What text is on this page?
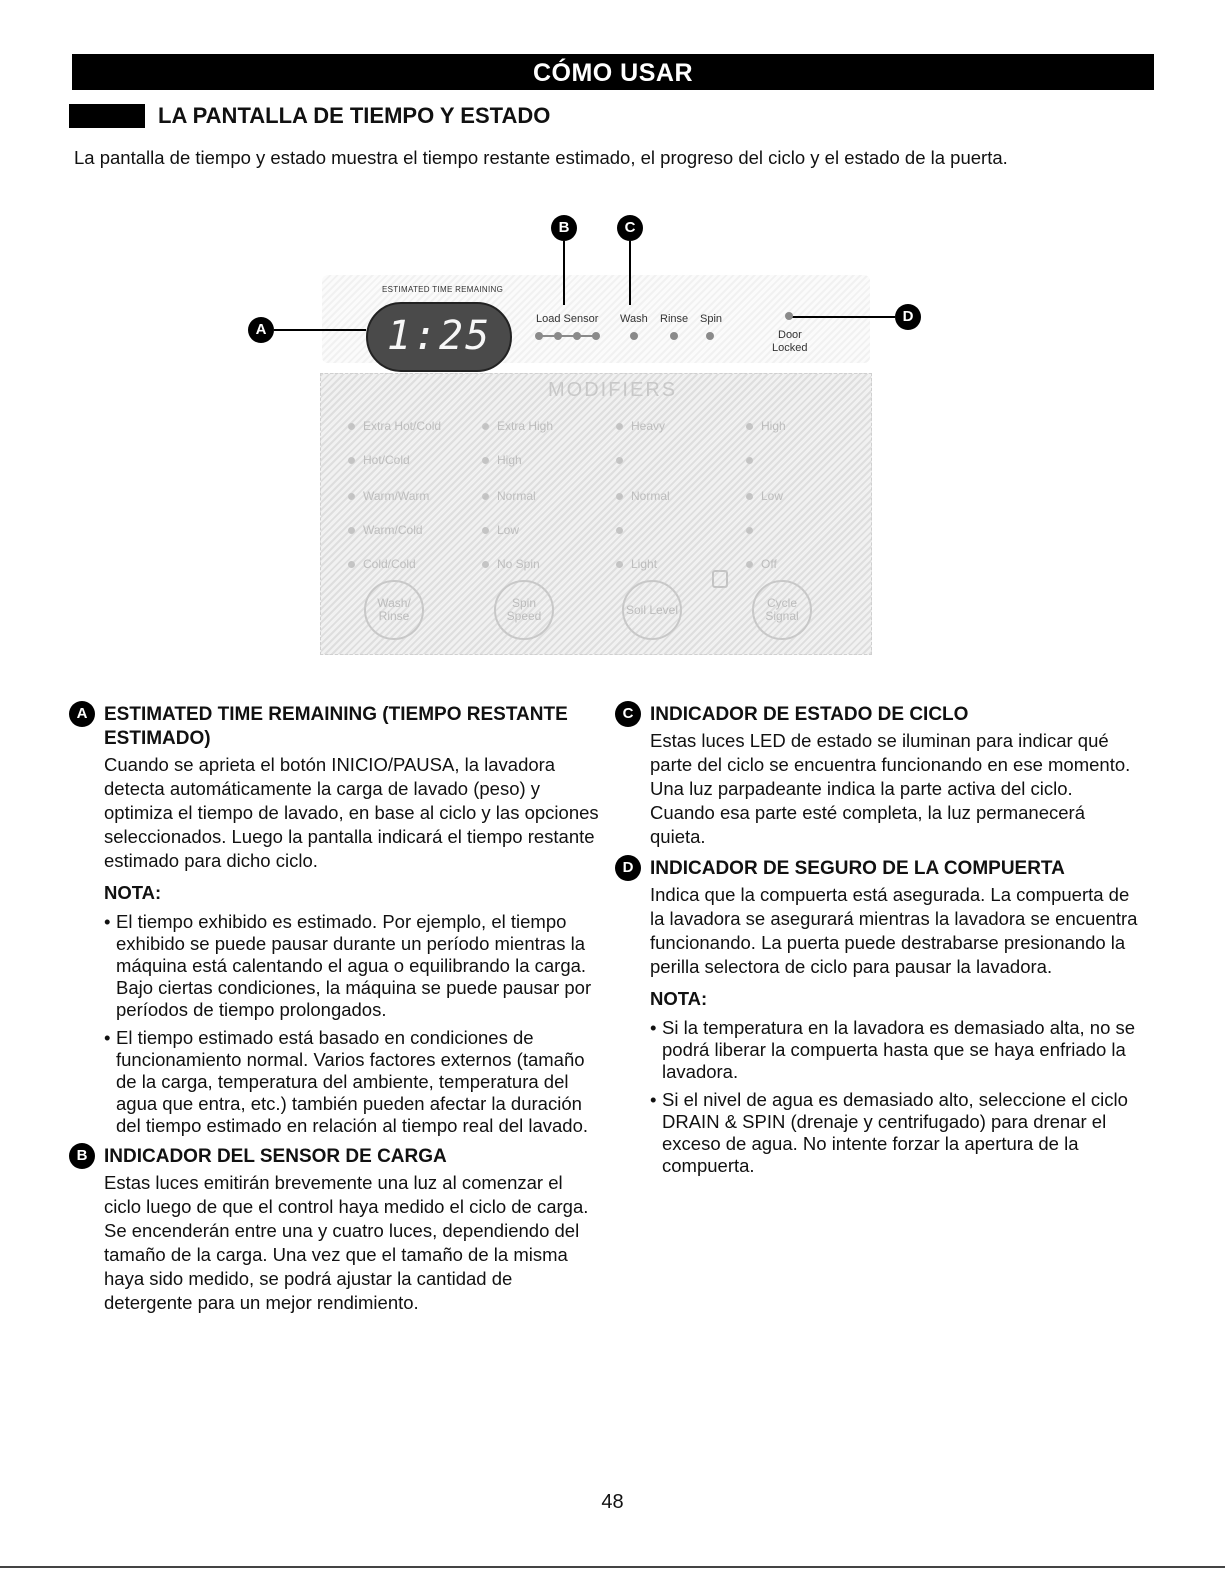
CÓMO USAR
LA PANTALLA DE TIEMPO Y ESTADO
La pantalla de tiempo y estado muestra el tiempo restante estimado, el progreso del ciclo y el estado de la puerta.
ESTIMATED TIME REMAINING
1:25
A
B	C
D
Load Sensor Wash Rinse Spin
Door
Locked
MODIFIERS
Extra Hot/Cold
Hot/Cold
Warm/Warm
Warm/Cold
Cold/Cold
Extra High
High
Normal
Low
No Spin
Heavy
Normal
Light
High
Low
Off
Wash/ Rinse
Spin Speed	Soil Level	Cycle Signal
A ESTIMATED TIME REMAINING (TIEMPO RESTANTE ESTIMADO)
Cuando se aprieta el botón INICIO/PAUSA, la lavadora detecta automáticamente la carga de lavado (peso) y optimiza el tiempo de lavado, en base al ciclo y las opciones seleccionados. Luego la pantalla indicará el tiempo restante estimado para dicho ciclo.
NOTA:
• El tiempo exhibido es estimado. Por ejemplo, el tiempo exhibido se puede pausar durante un período mientras la máquina está calentando el agua o equilibrando la carga. Bajo ciertas condiciones, la máquina se puede pausar por períodos de tiempo prolongados.
• El tiempo estimado está basado en condiciones de funcionamiento normal. Varios factores externos (tamaño de la carga, temperatura del ambiente, temperatura del agua que entra, etc.) también pueden afectar la duración del tiempo estimado en relación al tiempo real del lavado.
B INDICADOR DEL SENSOR DE CARGA
Estas luces emitirán brevemente una luz al comenzar el ciclo luego de que el control haya medido el ciclo de carga. Se encenderán entre una y cuatro luces, dependiendo del tamaño de la carga. Una vez que el tamaño de la misma haya sido medido, se podrá ajustar la cantidad de detergente para un mejor rendimiento.
C INDICADOR DE ESTADO DE CICLO
Estas luces LED de estado se iluminan para indicar qué parte del ciclo se encuentra funcionando en ese momento. Una luz parpadeante indica la parte activa del ciclo. Cuando esa parte esté completa, la luz permanecerá quieta.
D INDICADOR DE SEGURO DE LA COMPUERTA
Indica que la compuerta está asegurada. La compuerta de la lavadora se asegurará mientras la lavadora se encuentra funcionando. La puerta puede destrabarse presionando la perilla selectora de ciclo para pausar la lavadora.
NOTA:
• Si la temperatura en la lavadora es demasiado alta, no se podrá liberar la compuerta hasta que se haya enfriado la lavadora.
• Si el nivel de agua es demasiado alto, seleccione el ciclo DRAIN & SPIN (drenaje y centrifugado) para drenar el exceso de agua. No intente forzar la apertura de la compuerta.
48
